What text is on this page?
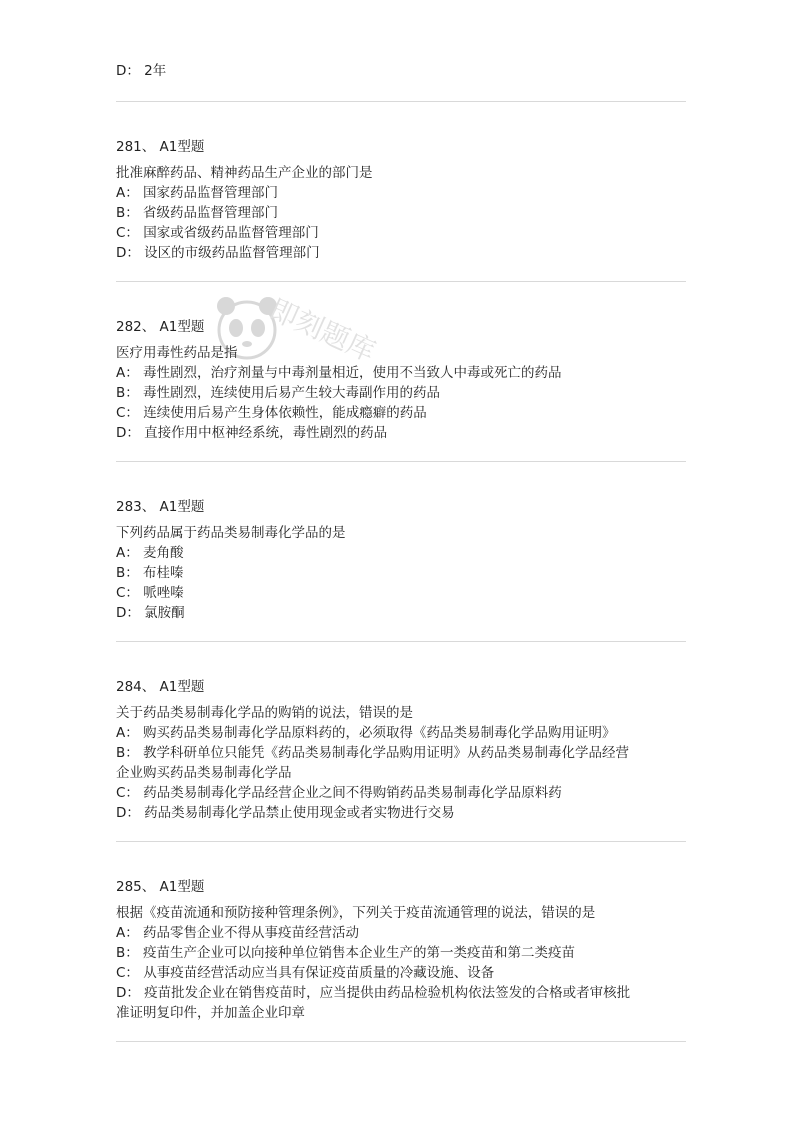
D： 2年

281、 A1型题

批准麻醉药品、精神药品生产企业的部门是

A： 国家药品监督管理部门

B： 省级药品监督管理部门

C： 国家或省级药品监督管理部门

D： 设区的市级药品监督管理部门

282、 A1型题

医疗用毒性药品是指

A： 毒性剧烈，治疗剂量与中毒剂量相近，使用不当致人中毒或死亡的药品

B： 毒性剧烈，连续使用后易产生较大毒副作用的药品

C： 连续使用后易产生身体依赖性，能成瘾癖的药品

D： 直接作用中枢神经系统，毒性剧烈的药品

283、 A1型题

下列药品属于药品类易制毒化学品的是

A： 麦角酸

B： 布桂嗪

C： 哌唑嗪

D： 氯胺酮

284、 A1型题

关于药品类易制毒化学品的购销的说法，错误的是

A： 购买药品类易制毒化学品原料药的，必须取得《药品类易制毒化学品购用证明》

B： 教学科研单位只能凭《药品类易制毒化学品购用证明》从药品类易制毒化学品经营

企业购买药品类易制毒化学品

C： 药品类易制毒化学品经营企业之间不得购销药品类易制毒化学品原料药

D： 药品类易制毒化学品禁止使用现金或者实物进行交易

285、 A1型题

根据《疫苗流通和预防接种管理条例》，下列关于疫苗流通管理的说法，错误的是

A： 药品零售企业不得从事疫苗经营活动

B： 疫苗生产企业可以向接种单位销售本企业生产的第一类疫苗和第二类疫苗

C： 从事疫苗经营活动应当具有保证疫苗质量的冷藏设施、设备

D： 疫苗批发企业在销售疫苗时，应当提供由药品检验机构依法签发的合格或者审核批

准证明复印件，并加盖企业印章

即刻题库
